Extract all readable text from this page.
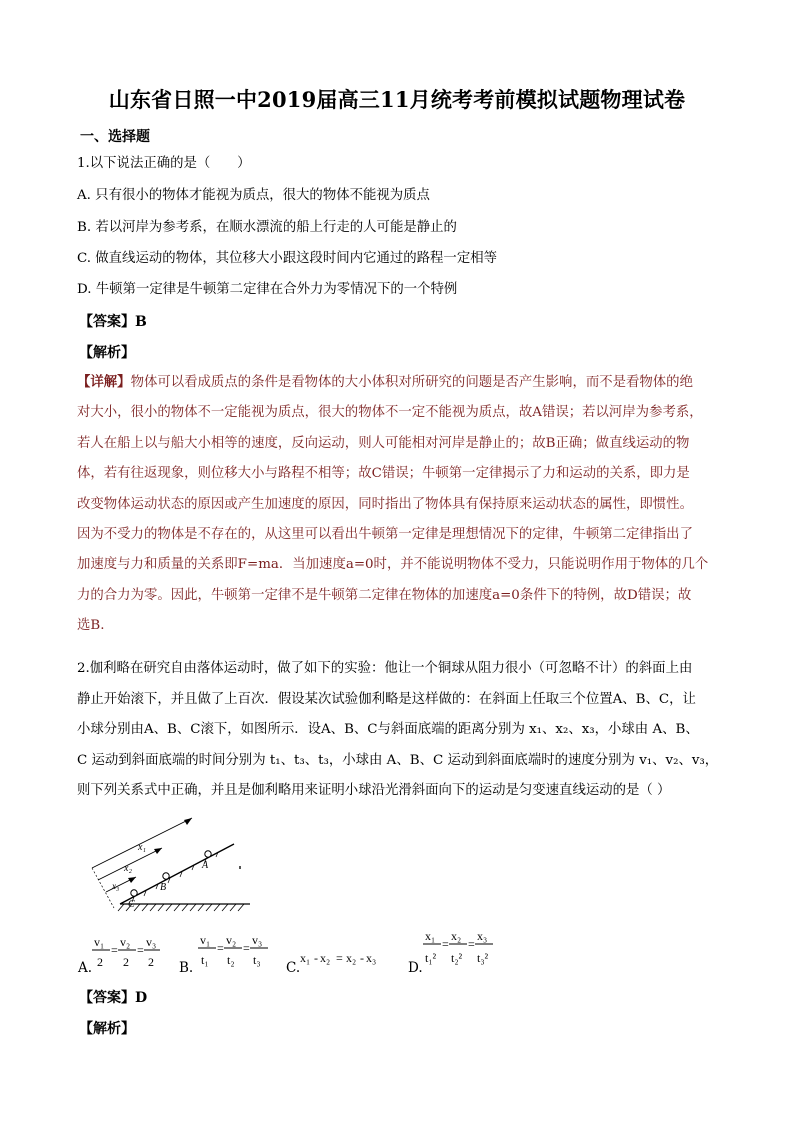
山东省日照一中2019届高三11月统考考前模拟试题物理试卷
一、选择题
1.以下说法正确的是（　　）
A. 只有很小的物体才能视为质点，很大的物体不能视为质点
B. 若以河岸为参考系，在顺水漂流的船上行走的人可能是静止的
C. 做直线运动的物体，其位移大小跟这段时间内它通过的路程一定相等
D. 牛顿第一定律是牛顿第二定律在合外力为零情况下的一个特例
【答案】B
【解析】
【详解】物体可以看成质点的条件是看物体的大小体积对所研究的问题是否产生影响，而不是看物体的绝
对大小，很小的物体不一定能视为质点，很大的物体不一定不能视为质点，故A错误；若以河岸为参考系，
若人在船上以与船大小相等的速度，反向运动，则人可能相对河岸是静止的；故B正确；做直线运动的物
体，若有往返现象，则位移大小与路程不相等；故C错误；牛顿第一定律揭示了力和运动的关系，即力是
改变物体运动状态的原因或产生加速度的原因，同时指出了物体具有保持原来运动状态的属性，即惯性。
因为不受力的物体是不存在的，从这里可以看出牛顿第一定律是理想情况下的定律，牛顿第二定律指出了
加速度与力和质量的关系即F=ma．当加速度a=0时，并不能说明物体不受力，只能说明作用于物体的几个
力的合力为零。因此，牛顿第一定律不是牛顿第二定律在物体的加速度a=0条件下的特例，故D错误；故
选B.
2.伽利略在研究自由落体运动时，做了如下的实验：他让一个铜球从阻力很小（可忽略不计）的斜面上由
静止开始滚下，并且做了上百次．假设某次试验伽利略是这样做的：在斜面上任取三个位置A、B、C，让
小球分别由A、B、C滚下，如图所示．设A、B、C与斜面底端的距离分别为 x₁、x₂、x₃，小球由 A、B、
C 运动到斜面底端的时间分别为 t₁、t₃、t₃，小球由 A、B、C 运动到斜面底端时的速度分别为 v₁、v₂、v₃，
则下列关系式中正确，并且是伽利略用来证明小球沿光滑斜面向下的运动是匀变速直线运动的是（ ）
x₁
x₂
x₃
A
B
C
A.
v₁
2
=
v₂
2
=
v₃
2 B.
v₁
t₁
=
v₂
t₂
=
v₃
t₃ C.
x₁ - x₂ = x₂ - x₃
D.
x₁
t₁²
=
x₂
t₂²
=
x₃
t₃²
【答案】D
【解析】
